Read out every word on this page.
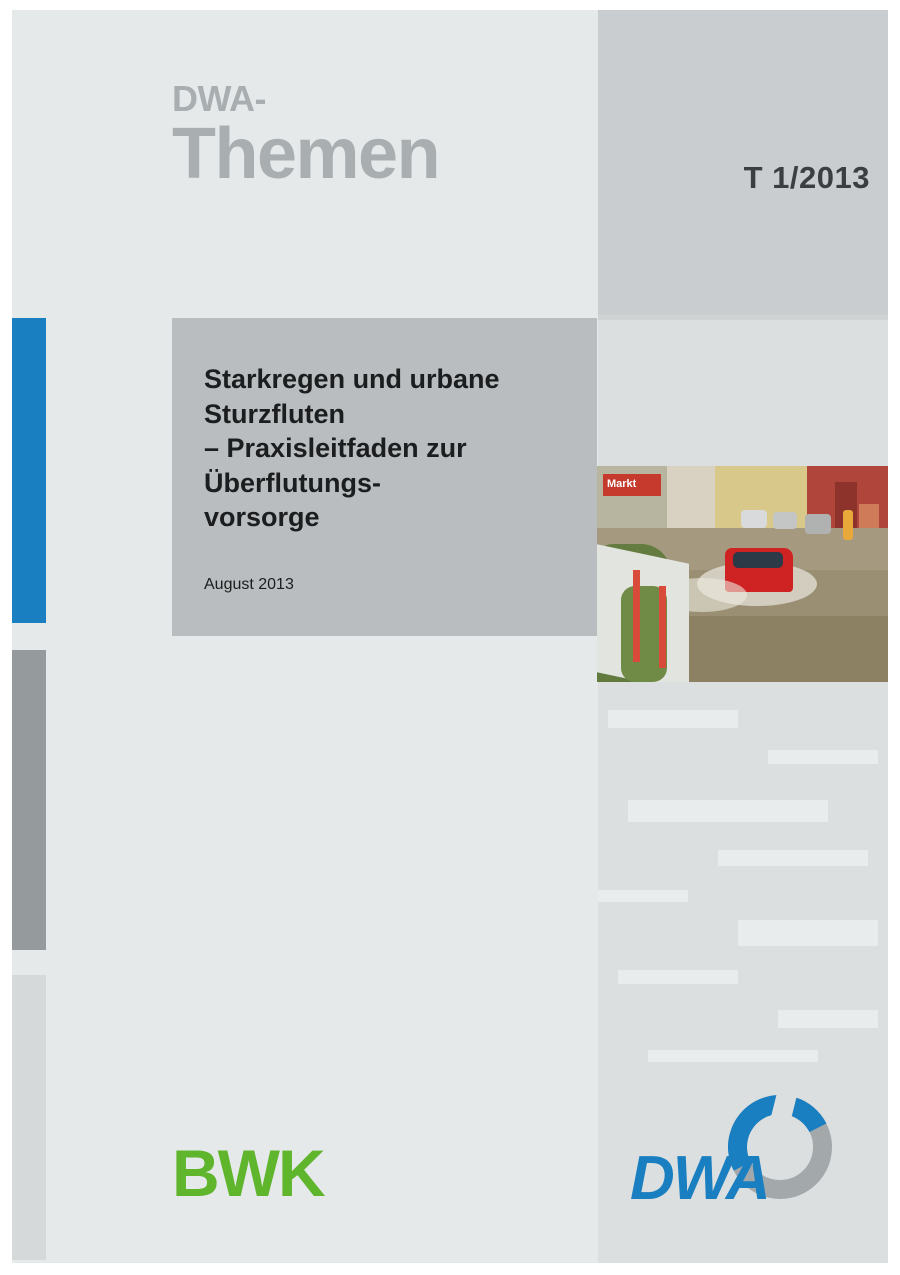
T 1/2013
DWA-
Themen
Starkregen und urbane Sturzfluten
– Praxisleitfaden zur Überflutungs-
vorsorge
August 2013
Markt
BWK	DWA
